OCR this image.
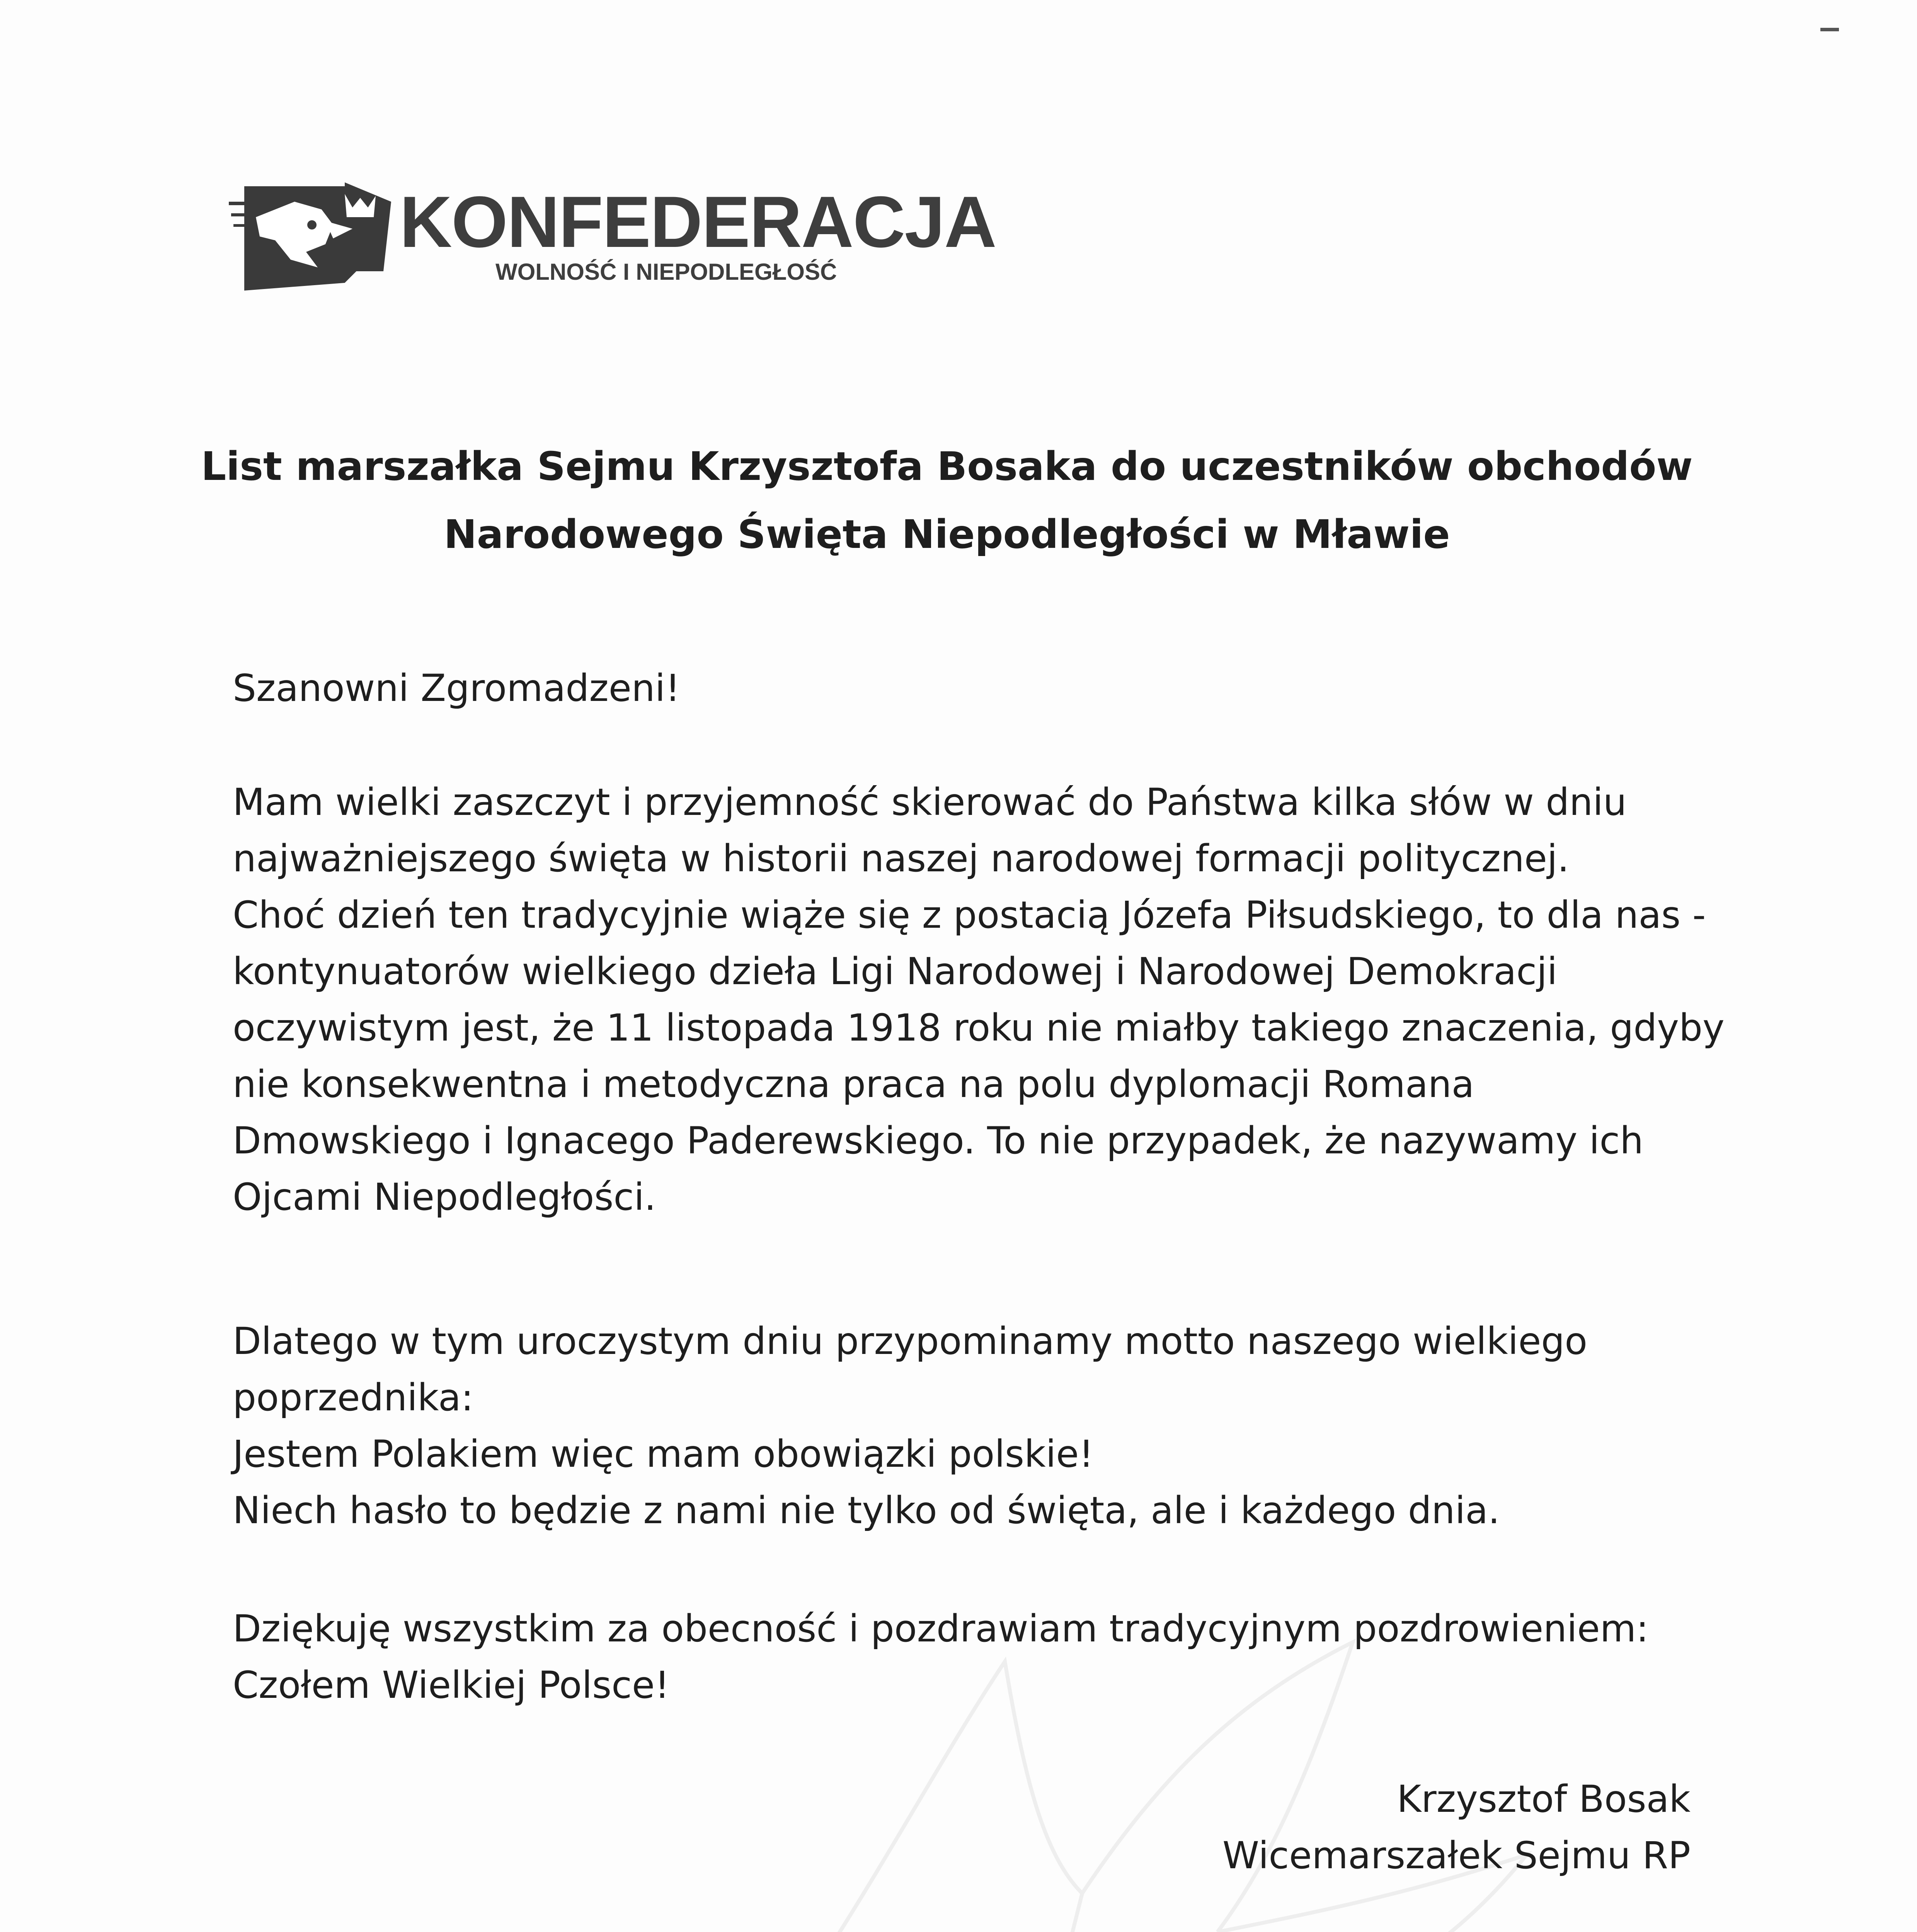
KONFEDERACJA
WOLNOŚĆ I NIEPODLEGŁOŚĆ
List marszałka Sejmu Krzysztofa Bosaka do uczestników obchodów
Narodowego Święta Niepodległości w Mławie
Szanowni Zgromadzeni!
Mam wielki zaszczyt i przyjemność skierować do Państwa kilka słów w dniu
najważniejszego święta w historii naszej narodowej formacji politycznej.
Choć dzień ten tradycyjnie wiąże się z postacią Józefa Piłsudskiego, to dla nas -
kontynuatorów wielkiego dzieła Ligi Narodowej i Narodowej Demokracji
oczywistym jest, że 11 listopada 1918 roku nie miałby takiego znaczenia, gdyby
nie konsekwentna i metodyczna praca na polu dyplomacji Romana
Dmowskiego i Ignacego Paderewskiego. To nie przypadek, że nazywamy ich
Ojcami Niepodległości.
Dlatego w tym uroczystym dniu przypominamy motto naszego wielkiego
poprzednika:
Jestem Polakiem więc mam obowiązki polskie!
Niech hasło to będzie z nami nie tylko od święta, ale i każdego dnia.
Dziękuję wszystkim za obecność i pozdrawiam tradycyjnym pozdrowieniem:
Czołem Wielkiej Polsce!
Krzysztof Bosak
Wicemarszałek Sejmu RP
